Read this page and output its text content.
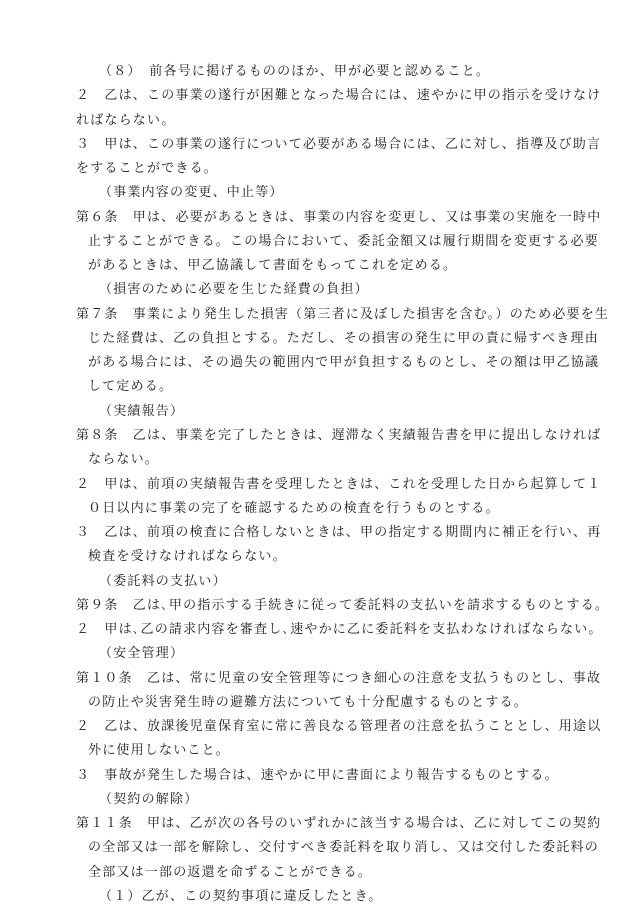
（８）　前各号に掲げるもののほか、甲が必要と認めること。
２　乙は、この事業の遂行が困難となった場合には、速やかに甲の指示を受けなけ
ればならない。
３　甲は、この事業の遂行について必要がある場合には、乙に対し、指導及び助言
をすることができる。
（事業内容の変更、中止等）
第６条　甲は、必要があるときは、事業の内容を変更し、又は事業の実施を一時中
止することができる。この場合において、委託金額又は履行期間を変更する必要
があるときは、甲乙協議して書面をもってこれを定める。
（損害のために必要を生じた経費の負担）
第７条　事業により発生した損害（第三者に及ぼした損害を含む。）のため必要を生
じた経費は、乙の負担とする。ただし、その損害の発生に甲の責に帰すべき理由
がある場合には、その過失の範囲内で甲が負担するものとし、その額は甲乙協議
して定める。
（実績報告）
第８条　乙は、事業を完了したときは、遅滞なく実績報告書を甲に提出しなければ
ならない。
２　甲は、前項の実績報告書を受理したときは、これを受理した日から起算して１
０日以内に事業の完了を確認するための検査を行うものとする。
３　乙は、前項の検査に合格しないときは、甲の指定する期間内に補正を行い、再
検査を受けなければならない。
（委託料の支払い）
第９条　乙は､甲の指示する手続きに従って委託料の支払いを請求するものとする。
２　甲は､乙の請求内容を審査し､速やかに乙に委託料を支払わなければならない。
（安全管理）
第１０条　乙は、常に児童の安全管理等につき細心の注意を支払うものとし、事故
の防止や災害発生時の避難方法についても十分配慮するものとする。
２　乙は、放課後児童保育室に常に善良なる管理者の注意を払うこととし、用途以
外に使用しないこと。
３　事故が発生した場合は、速やかに甲に書面により報告するものとする。
（契約の解除）
第１１条　甲は、乙が次の各号のいずれかに該当する場合は、乙に対してこの契約
の全部又は一部を解除し、交付すべき委託料を取り消し、又は交付した委託料の
全部又は一部の返還を命ずることができる。
（１）乙が、この契約事項に違反したとき。
